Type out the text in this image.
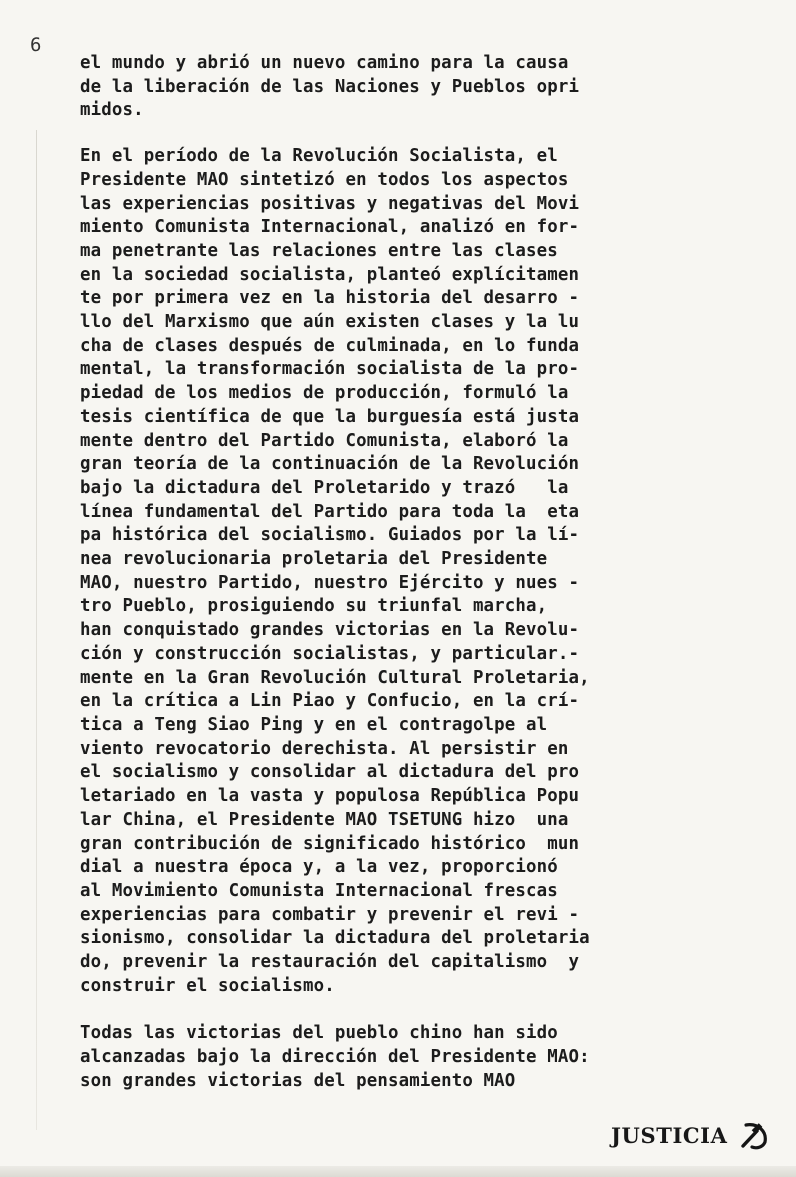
6
el mundo y abrió un nuevo camino para la causa
de la liberación de las Naciones y Pueblos opri
midos.
En el período de la Revolución Socialista, el
Presidente MAO sintetizó en todos los aspectos
las experiencias positivas y negativas del Movi
miento Comunista Internacional, analizó en for-
ma penetrante las relaciones entre las clases
en la sociedad socialista, planteó explícitamen
te por primera vez en la historia del desarro -
llo del Marxismo que aún existen clases y la lu
cha de clases después de culminada, en lo funda
mental, la transformación socialista de la pro-
piedad de los medios de producción, formuló la
tesis científica de que la burguesía está justa
mente dentro del Partido Comunista, elaboró la
gran teoría de la continuación de la Revolución
bajo la dictadura del Proletarido y trazó   la
línea fundamental del Partido para toda la  eta
pa histórica del socialismo. Guiados por la lí-
nea revolucionaria proletaria del Presidente
MAO, nuestro Partido, nuestro Ejército y nues -
tro Pueblo, prosiguiendo su triunfal marcha,
han conquistado grandes victorias en la Revolu-
ción y construcción socialistas, y particular.-
mente en la Gran Revolución Cultural Proletaria,
en la crítica a Lin Piao y Confucio, en la crí-
tica a Teng Siao Ping y en el contragolpe al
viento revocatorio derechista. Al persistir en
el socialismo y consolidar al dictadura del pro
letariado en la vasta y populosa República Popu
lar China, el Presidente MAO TSETUNG hizo  una
gran contribución de significado histórico  mun
dial a nuestra época y, a la vez, proporcionó
al Movimiento Comunista Internacional frescas
experiencias para combatir y prevenir el revi -
sionismo, consolidar la dictadura del proletaria
do, prevenir la restauración del capitalismo  y
construir el socialismo.
Todas las victorias del pueblo chino han sido
alcanzadas bajo la dirección del Presidente MAO:
son grandes victorias del pensamiento MAO
JUSTICIA
